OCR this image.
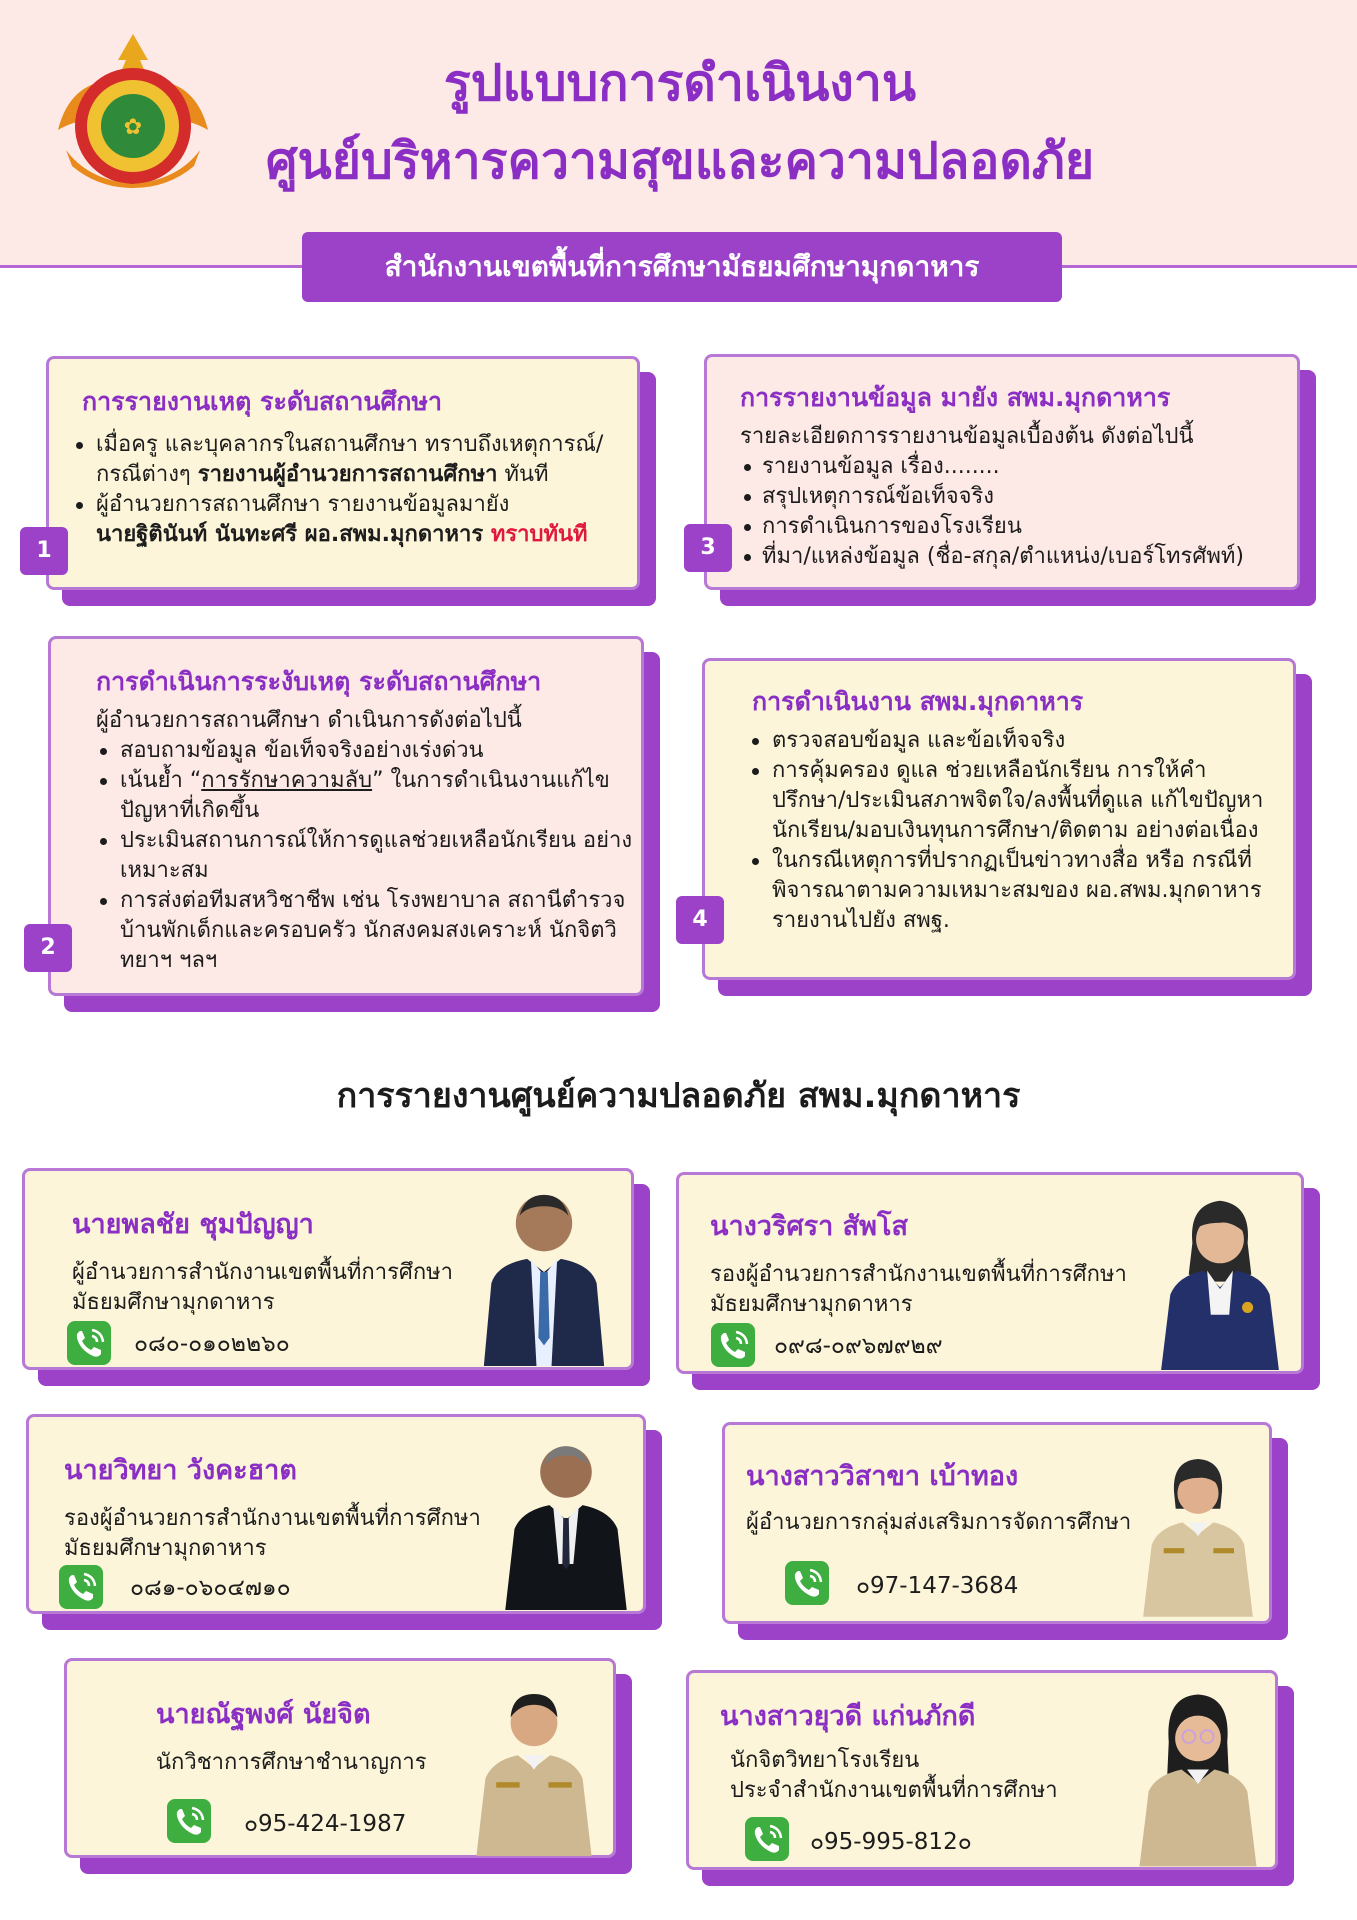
✿
รูปแบบการดำเนินงาน
ศูนย์บริหารความสุขและความปลอดภัย
สำนักงานเขตพื้นที่การศึกษามัธยมศึกษามุกดาหาร
การรายงานเหตุ ระดับสถานศึกษา
เมื่อครู และบุคลากรในสถานศึกษา ทราบถึงเหตุการณ์/
กรณีต่างๆ รายงานผู้อำนวยการสถานศึกษา ทันที
ผู้อำนวยการสถานศึกษา รายงานข้อมูลมายัง
นายฐิตินันท์ นันทะศรี ผอ.สพม.มุกดาหาร ทราบทันที
1
การรายงานข้อมูล มายัง สพม.มุกดาหาร
รายละเอียดการรายงานข้อมูลเบื้องต้น ดังต่อไปนี้
รายงานข้อมูล เรื่อง........
สรุปเหตุการณ์ข้อเท็จจริง
การดำเนินการของโรงเรียน
ที่มา/แหล่งข้อมูล (ชื่อ-สกุล/ตำแหน่ง/เบอร์โทรศัพท์)
3
การดำเนินการระงับเหตุ ระดับสถานศึกษา
ผู้อำนวยการสถานศึกษา ดำเนินการดังต่อไปนี้
สอบถามข้อมูล ข้อเท็จจริงอย่างเร่งด่วน
เน้นย้ำ “การรักษาความลับ” ในการดำเนินงานแก้ไข ปัญหาที่เกิดขึ้น
ประเมินสถานการณ์ให้การดูแลช่วยเหลือนักเรียน อย่างเหมาะสม
การส่งต่อทีมสหวิชาชีพ เช่น โรงพยาบาล สถานีตำรวจ บ้านพักเด็กและครอบครัว นักสงคมสงเคราะห์ นักจิตวิทยาฯ ฯลฯ
2
การดำเนินงาน สพม.มุกดาหาร
ตรวจสอบข้อมูล และข้อเท็จจริง
การคุ้มครอง ดูแล ช่วยเหลือนักเรียน การให้คำปรึกษา/ประเมินสภาพจิตใจ/ลงพื้นที่ดูแล แก้ไขปัญหานักเรียน/มอบเงินทุนการศึกษา/ติดตาม อย่างต่อเนื่อง
ในกรณีเหตุการที่ปรากฏเป็นข่าวทางสื่อ หรือ กรณีที่ พิจารณาตามความเหมาะสมของ ผอ.สพม.มุกดาหาร รายงานไปยัง สพฐ.
4
การรายงานศูนย์ความปลอดภัย สพม.มุกดาหาร
นายพลชัย ชุมปัญญา
ผู้อำนวยการสำนักงานเขตพื้นที่การศึกษา
มัธยมศึกษามุกดาหาร
๐๘๐-๐๑๐๒๒๖๐
นางวริศรา สัพโส
รองผู้อำนวยการสำนักงานเขตพื้นที่การศึกษา
มัธยมศึกษามุกดาหาร
๐๙๘-๐๙๖๗๙๒๙
นายวิทยา วังคะฮาต
รองผู้อำนวยการสำนักงานเขตพื้นที่การศึกษา
มัธยมศึกษามุกดาหาร
๐๘๑-๐๖๐๔๗๑๐
นางสาววิสาขา เบ้าทอง
ผู้อำนวยการกลุ่มส่งเสริมการจัดการศึกษา
๐97-147-3684
นายณัฐพงศ์ นัยจิต
นักวิชาการศึกษาชำนาญการ
๐95-424-1987
นางสาวยุวดี แก่นภักดี
นักจิตวิทยาโรงเรียน
ประจำสำนักงานเขตพื้นที่การศึกษา
๐95-995-812๐
